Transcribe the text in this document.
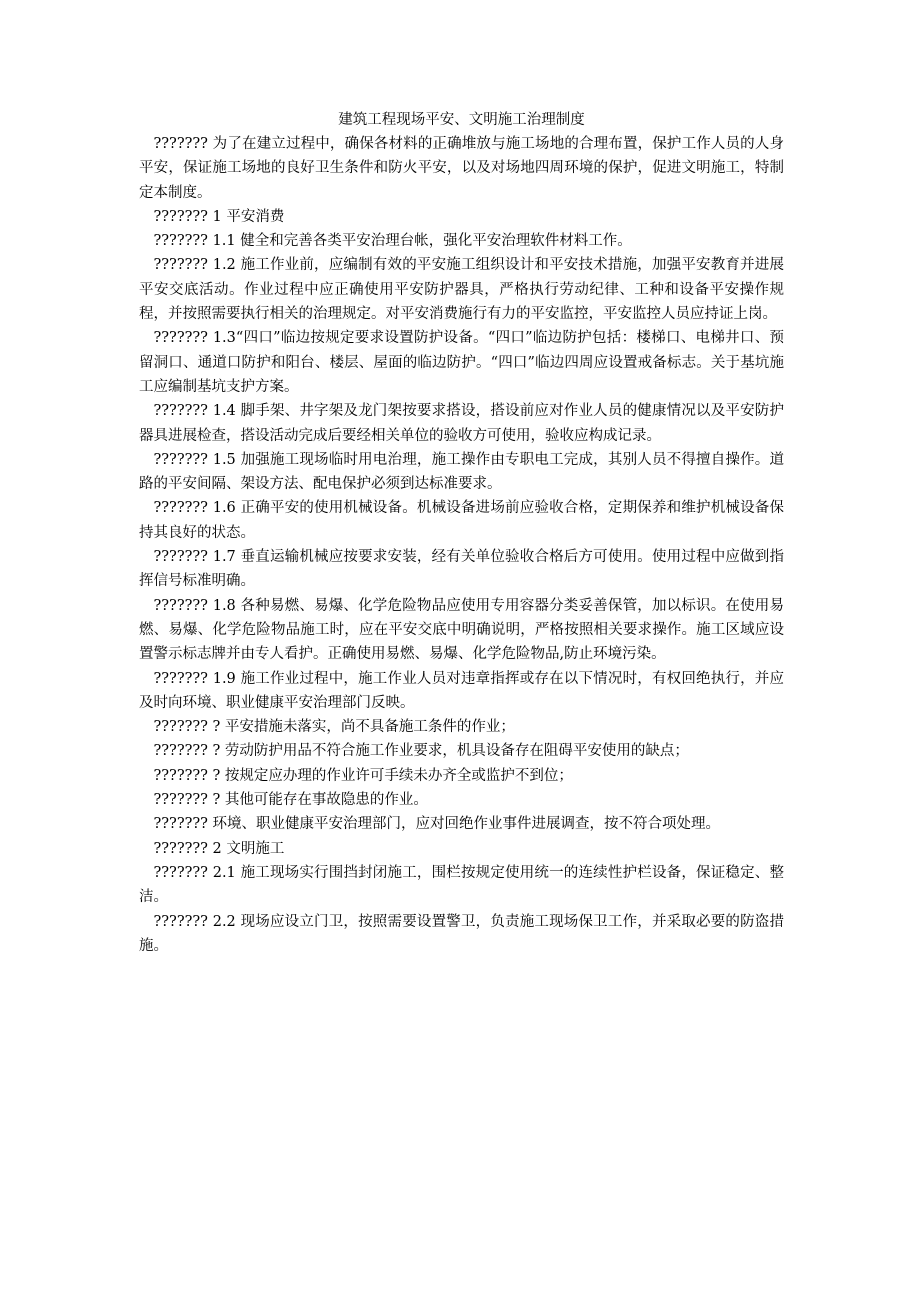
建筑工程现场平安、文明施工治理制度

??????? 为了在建立过程中，确保各材料的正确堆放与施工场地的合理布置，保护工作人员的人身平安，保证施工场地的良好卫生条件和防火平安，以及对场地四周环境的保护，促进文明施工，特制定本制度。

??????? 1 平安消费

??????? 1.1 健全和完善各类平安治理台帐，强化平安治理软件材料工作。

??????? 1.2 施工作业前，应编制有效的平安施工组织设计和平安技术措施，加强平安教育并进展平安交底活动。作业过程中应正确使用平安防护器具，严格执行劳动纪律、工种和设备平安操作规程，并按照需要执行相关的治理规定。对平安消费施行有力的平安监控，平安监控人员应持证上岗。

??????? 1.3“四口”临边按规定要求设置防护设备。“四口”临边防护包括：楼梯口、电梯井口、预留洞口、通道口防护和阳台、楼层、屋面的临边防护。“四口”临边四周应设置戒备标志。关于基坑施工应编制基坑支护方案。

??????? 1.4 脚手架、井字架及龙门架按要求搭设，搭设前应对作业人员的健康情况以及平安防护器具进展检查，搭设活动完成后要经相关单位的验收方可使用，验收应构成记录。

??????? 1.5 加强施工现场临时用电治理，施工操作由专职电工完成，其别人员不得擅自操作。道路的平安间隔、架设方法、配电保护必须到达标准要求。

??????? 1.6 正确平安的使用机械设备。机械设备进场前应验收合格，定期保养和维护机械设备保持其良好的状态。

??????? 1.7 垂直运输机械应按要求安装，经有关单位验收合格后方可使用。使用过程中应做到指挥信号标准明确。

??????? 1.8 各种易燃、易爆、化学危险物品应使用专用容器分类妥善保管，加以标识。在使用易燃、易爆、化学危险物品施工时，应在平安交底中明确说明，严格按照相关要求操作。施工区域应设置警示标志牌并由专人看护。正确使用易燃、易爆、化学危险物品,防止环境污染。

??????? 1.9 施工作业过程中，施工作业人员对违章指挥或存在以下情况时，有权回绝执行，并应及时向环境、职业健康平安治理部门反映。

??????? ? 平安措施未落实，尚不具备施工条件的作业；

??????? ? 劳动防护用品不符合施工作业要求，机具设备存在阻碍平安使用的缺点；

??????? ? 按规定应办理的作业许可手续未办齐全或监护不到位；

??????? ? 其他可能存在事故隐患的作业。

??????? 环境、职业健康平安治理部门，应对回绝作业事件进展调查，按不符合项处理。

??????? 2 文明施工

??????? 2.1 施工现场实行围挡封闭施工，围栏按规定使用统一的连续性护栏设备，保证稳定、整洁。

??????? 2.2 现场应设立门卫，按照需要设置警卫，负责施工现场保卫工作，并采取必要的防盗措施。
